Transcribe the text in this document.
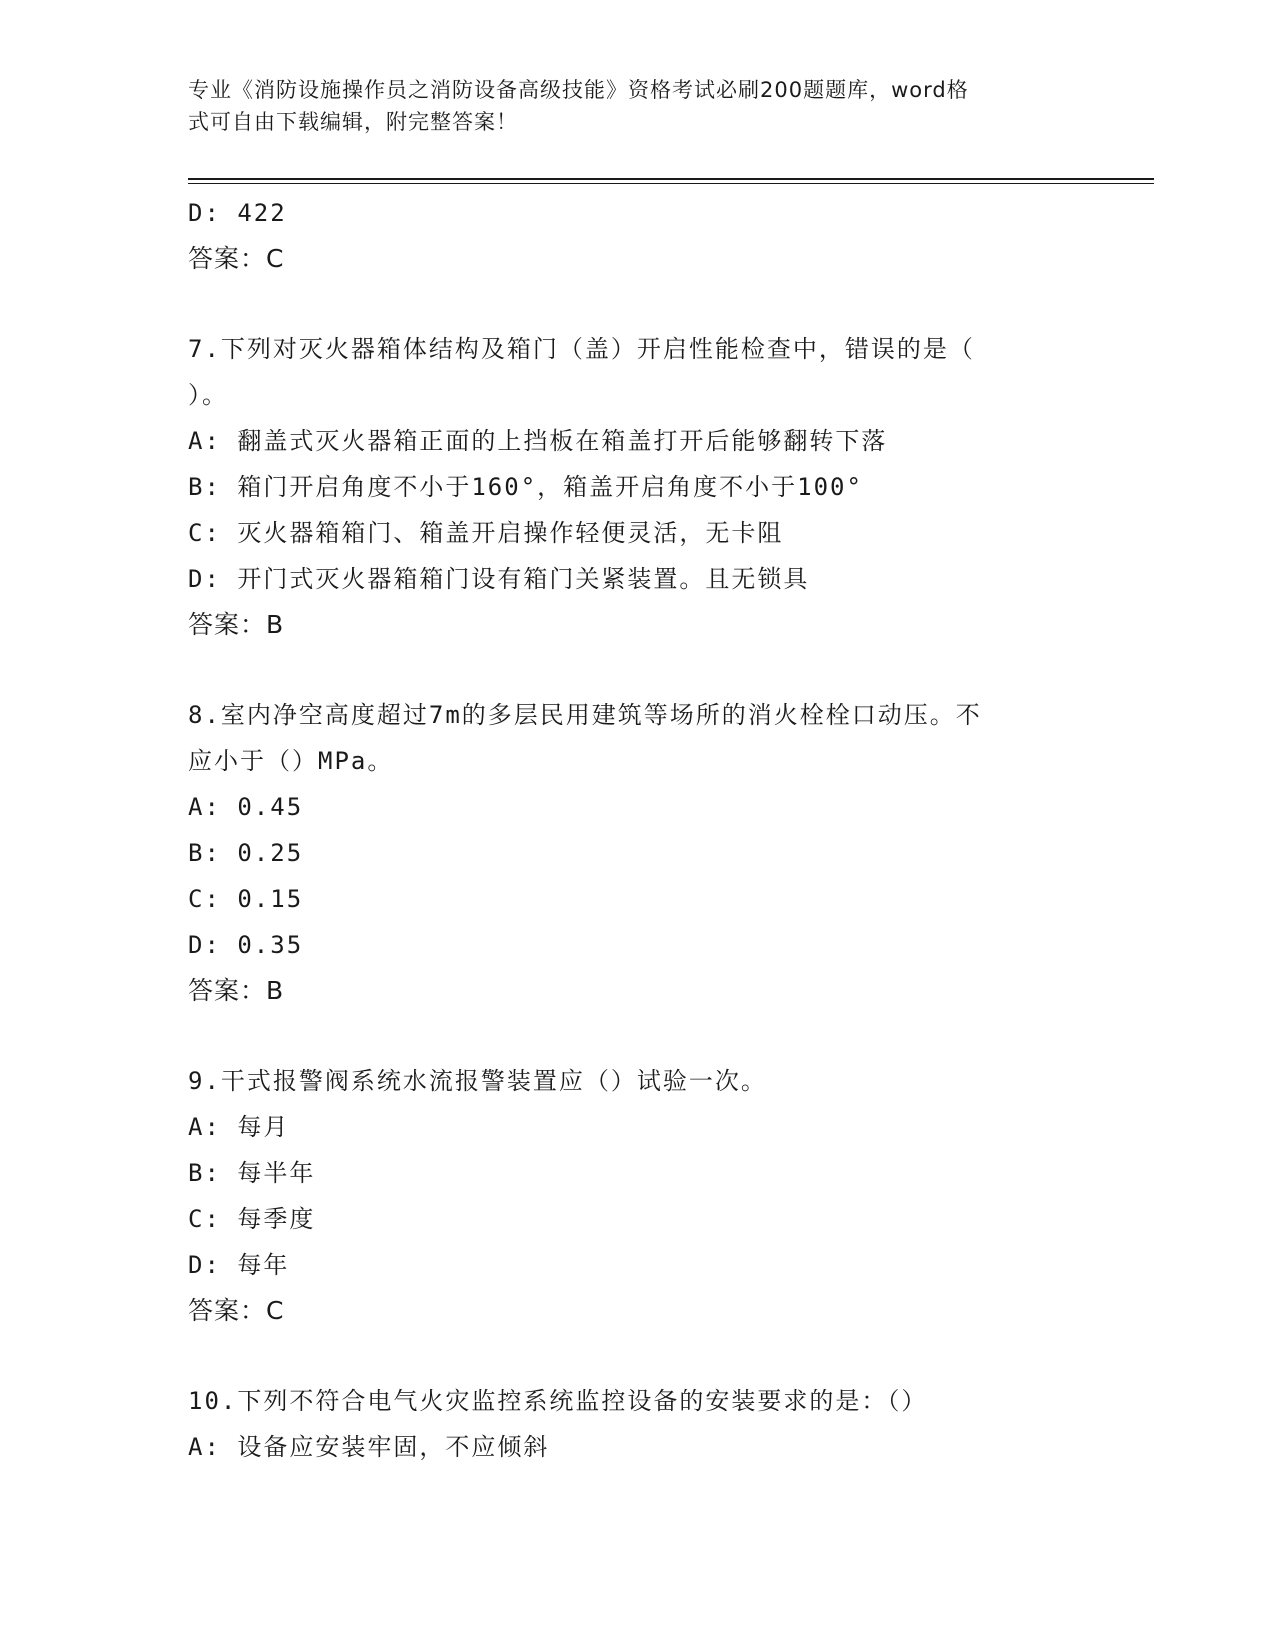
专业《消防设施操作员之消防设备高级技能》资格考试必刷200题题库，word格
式可自由下载编辑，附完整答案！
D: 422
答案：C
7.下列对灭火器箱体结构及箱门（盖）开启性能检查中，错误的是（
）。
A: 翻盖式灭火器箱正面的上挡板在箱盖打开后能够翻转下落
B: 箱门开启角度不小于160°，箱盖开启角度不小于100°
C: 灭火器箱箱门、箱盖开启操作轻便灵活，无卡阻
D: 开门式灭火器箱箱门设有箱门关紧装置。且无锁具
答案：B
8.室内净空高度超过7m的多层民用建筑等场所的消火栓栓口动压。不
应小于（）MPa。
A: 0.45
B: 0.25
C: 0.15
D: 0.35
答案：B
9.干式报警阀系统水流报警装置应（）试验一次。
A: 每月
B: 每半年
C: 每季度
D: 每年
答案：C
10.下列不符合电气火灾监控系统监控设备的安装要求的是：（）
A: 设备应安装牢固，不应倾斜
